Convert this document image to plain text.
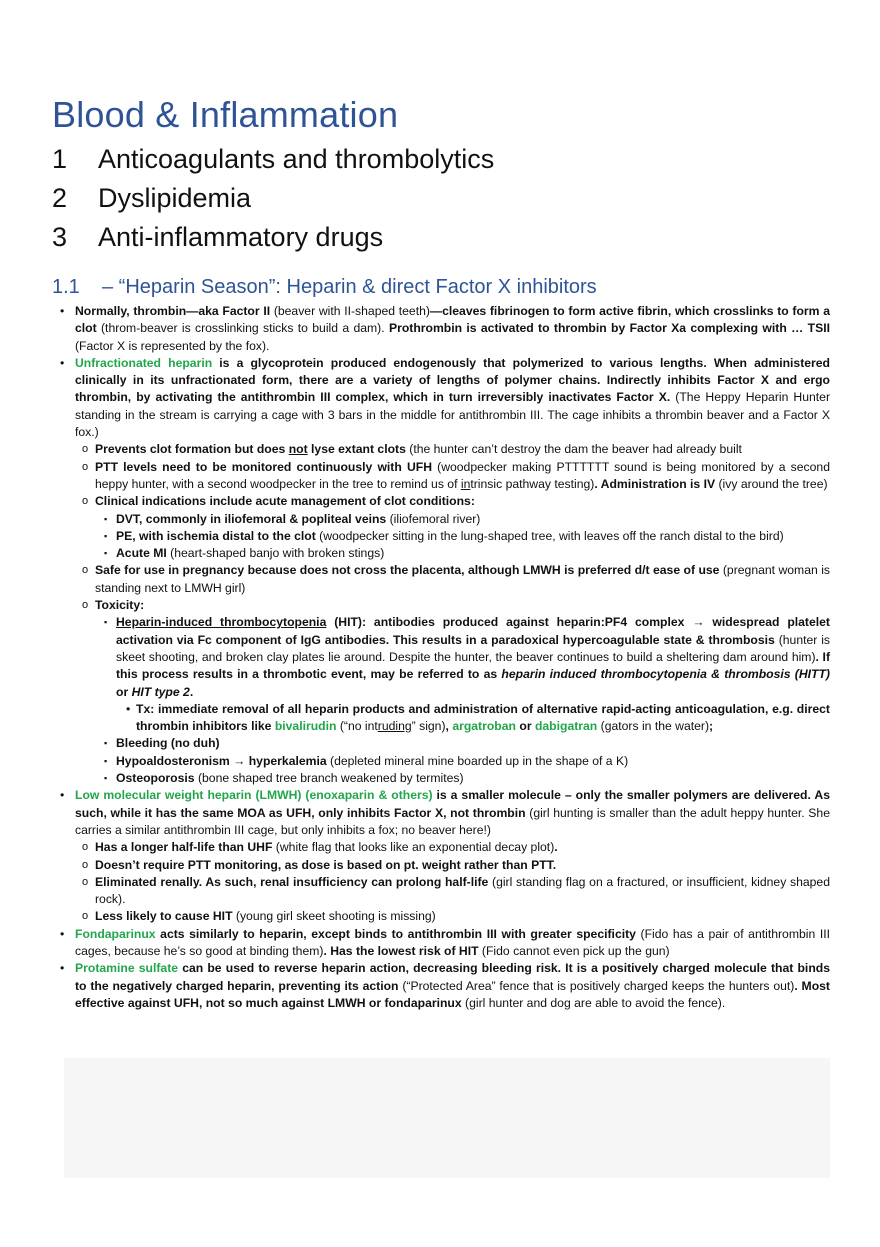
Blood & Inflammation
1 Anticoagulants and thrombolytics
2 Dyslipidemia
3 Anti-inflammatory drugs
1.1 – “Heparin Season”: Heparin & direct Factor X inhibitors
• Normally, thrombin—aka Factor II (beaver with II-shaped teeth)—cleaves fibrinogen to form active fibrin, which crosslinks to form a clot (throm-beaver is crosslinking sticks to build a dam). Prothrombin is activated to thrombin by Factor Xa complexing with … TSII (Factor X is represented by the fox).
• Unfractionated heparin is a glycoprotein produced endogenously that polymerized to various lengths. When administered clinically in its unfractionated form, there are a variety of lengths of polymer chains. Indirectly inhibits Factor X and ergo thrombin, by activating the antithrombin III complex, which in turn irreversibly inactivates Factor X. (The Heppy Heparin Hunter standing in the stream is carrying a cage with 3 bars in the middle for antithrombin III. The cage inhibits a thrombin beaver and a Factor X fox.)
o Prevents clot formation but does not lyse extant clots (the hunter can’t destroy the dam the beaver had already built
o PTT levels need to be monitored continuously with UFH (woodpecker making PTTTTTT sound is being monitored by a second heppy hunter, with a second woodpecker in the tree to remind us of intrinsic pathway testing). Administration is IV (ivy around the tree)
o Clinical indications include acute management of clot conditions:
▪ DVT, commonly in iliofemoral & popliteal veins (iliofemoral river)
▪ PE, with ischemia distal to the clot (woodpecker sitting in the lung-shaped tree, with leaves off the ranch distal to the bird)
▪ Acute MI (heart-shaped banjo with broken stings)
o Safe for use in pregnancy because does not cross the placenta, although LMWH is preferred d/t ease of use (pregnant woman is standing next to LMWH girl)
o Toxicity:
▪ Heparin-induced thrombocytopenia (HIT): antibodies produced against heparin:PF4 complex → widespread platelet activation via Fc component of IgG antibodies. This results in a paradoxical hypercoagulable state & thrombosis (hunter is skeet shooting, and broken clay plates lie around. Despite the hunter, the beaver continues to build a sheltering dam around him). If this process results in a thrombotic event, may be referred to as heparin induced thrombocytopenia & thrombosis (HITT) or HIT type 2.
• Tx: immediate removal of all heparin products and administration of alternative rapid-acting anticoagulation, e.g. direct thrombin inhibitors like bivalirudin (“no intruding” sign), argatroban or dabigatran (gators in the water);
▪ Bleeding (no duh)
▪ Hypoaldosteronism → hyperkalemia (depleted mineral mine boarded up in the shape of a K)
▪ Osteoporosis (bone shaped tree branch weakened by termites)
• Low molecular weight heparin (LMWH) (enoxaparin & others) is a smaller molecule – only the smaller polymers are delivered. As such, while it has the same MOA as UFH, only inhibits Factor X, not thrombin (girl hunting is smaller than the adult heppy hunter. She carries a similar antithrombin III cage, but only inhibits a fox; no beaver here!)
o Has a longer half-life than UHF (white flag that looks like an exponential decay plot).
o Doesn’t require PTT monitoring, as dose is based on pt. weight rather than PTT.
o Eliminated renally. As such, renal insufficiency can prolong half-life (girl standing flag on a fractured, or insufficient, kidney shaped rock).
o Less likely to cause HIT (young girl skeet shooting is missing)
• Fondaparinux acts similarly to heparin, except binds to antithrombin III with greater specificity (Fido has a pair of antithrombin III cages, because he’s so good at binding them). Has the lowest risk of HIT (Fido cannot even pick up the gun)
• Protamine sulfate can be used to reverse heparin action, decreasing bleeding risk. It is a positively charged molecule that binds to the negatively charged heparin, preventing its action (“Protected Area” fence that is positively charged keeps the hunters out). Most effective against UFH, not so much against LMWH or fondaparinux (girl hunter and dog are able to avoid the fence).
